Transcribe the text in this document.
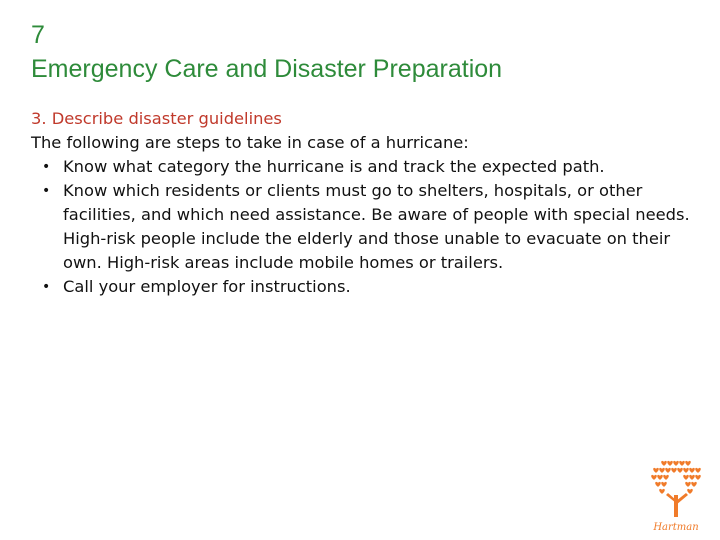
7
Emergency Care and Disaster Preparation
3. Describe disaster guidelines
The following are steps to take in case of a hurricane:
• Know what category the hurricane is and track the expected path.
• Know which residents or clients must go to shelters, hospitals, or other facilities, and which need assistance. Be aware of people with special needs. High-risk people include the elderly and those unable to evacuate on their own. High-risk areas include mobile homes or trailers.
• Call your employer for instructions.
Hartman
